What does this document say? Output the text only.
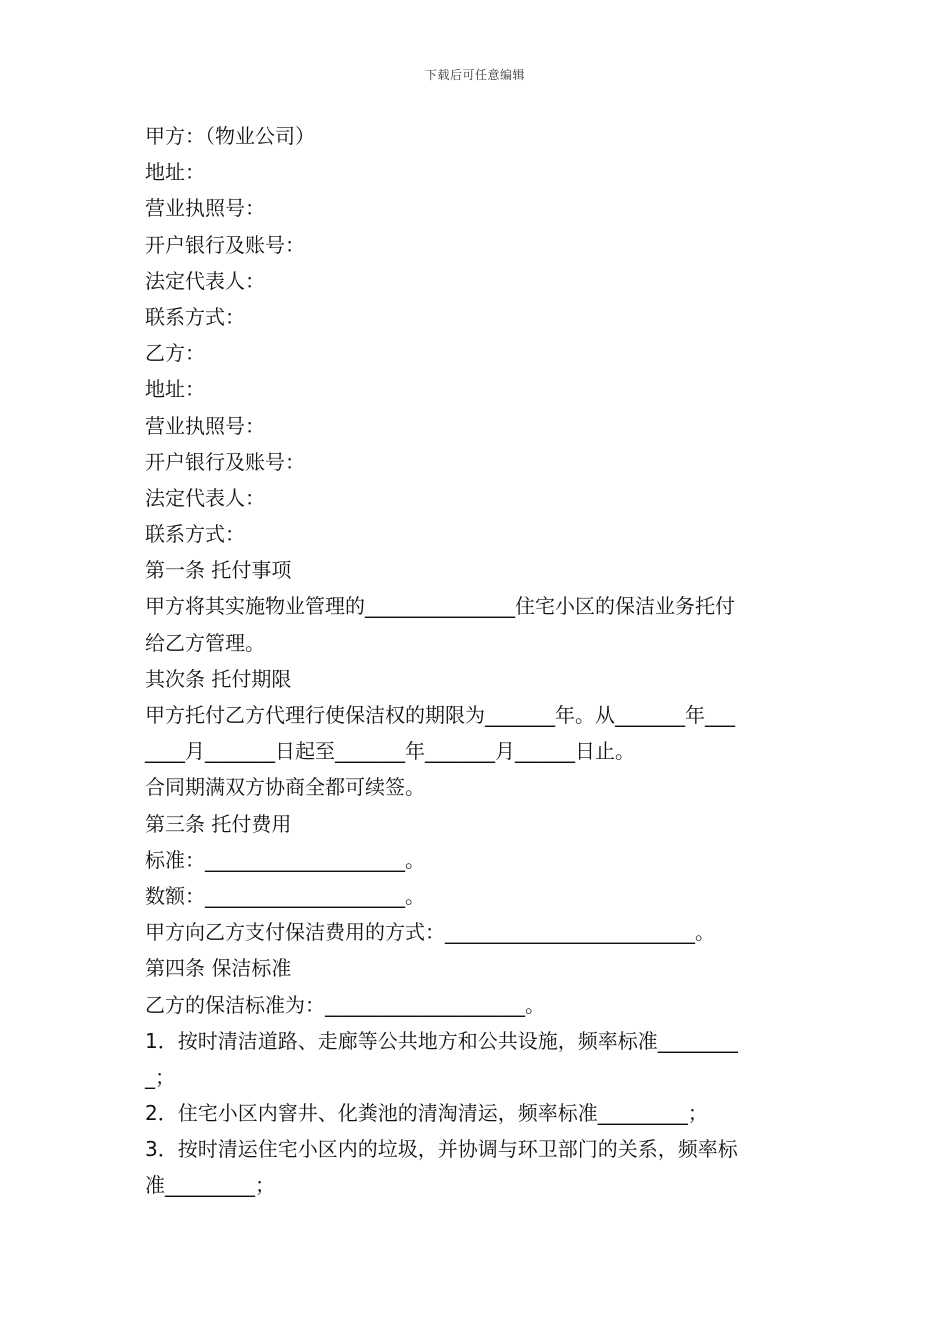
下载后可任意编辑

甲方：（物业公司）

地址：

营业执照号：

开户银行及账号：

法定代表人：

联系方式：

乙方：

地址：

营业执照号：

开户银行及账号：

法定代表人：

联系方式：

第一条 托付事项

甲方将其实施物业管理的_______________住宅小区的保洁业务托付

给乙方管理。

其次条 托付期限

甲方托付乙方代理行使保洁权的期限为_______年。从_______年___

____月_______日起至_______年_______月______日止。

合同期满双方协商全都可续签。

第三条 托付费用

标准：____________________。

数额：____________________。

甲方向乙方支付保洁费用的方式：_________________________。

第四条 保洁标准

乙方的保洁标准为：____________________。

1．按时清洁道路、走廊等公共地方和公共设施，频率标准________

_；

2．住宅小区内窨井、化粪池的清淘清运，频率标准_________；

3．按时清运住宅小区内的垃圾，并协调与环卫部门的关系，频率标

准_________；
